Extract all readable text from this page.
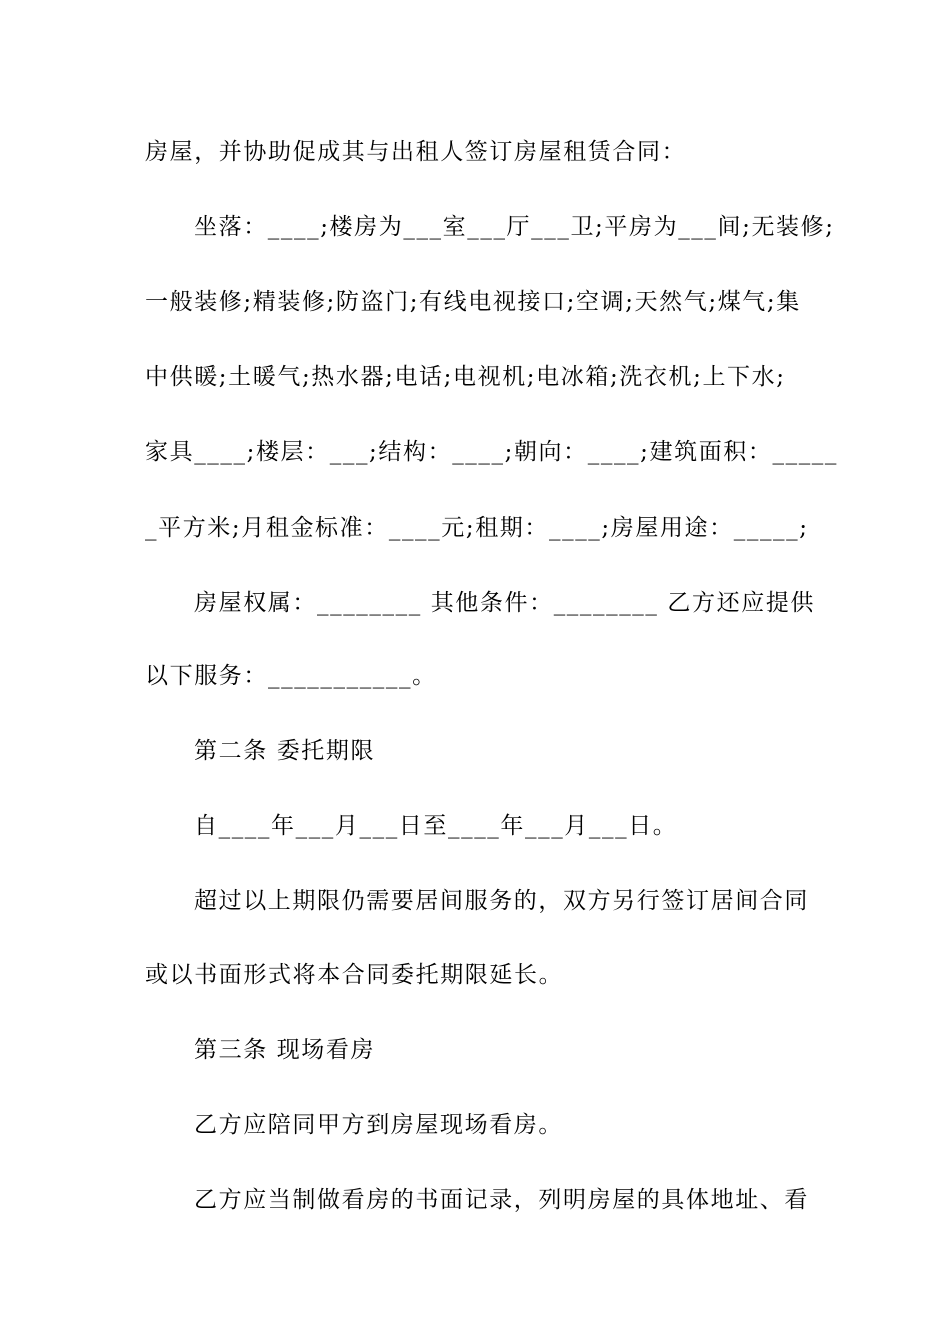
房屋，并协助促成其与出租人签订房屋租赁合同：
坐落：____;楼房为___室___厅___卫;平房为___间;无装修;
一般装修;精装修;防盗门;有线电视接口;空调;天然气;煤气;集
中供暖;土暖气;热水器;电话;电视机;电冰箱;洗衣机;上下水;
家具____;楼层：___;结构：____;朝向：____;建筑面积：_____
_平方米;月租金标准：____元;租期：____;房屋用途：_____;
房屋权属：________ 其他条件：________ 乙方还应提供
以下服务：___________。
第二条 委托期限
自____年___月___日至____年___月___日。
超过以上期限仍需要居间服务的，双方另行签订居间合同
或以书面形式将本合同委托期限延长。
第三条 现场看房
乙方应陪同甲方到房屋现场看房。
乙方应当制做看房的书面记录，列明房屋的具体地址、看
